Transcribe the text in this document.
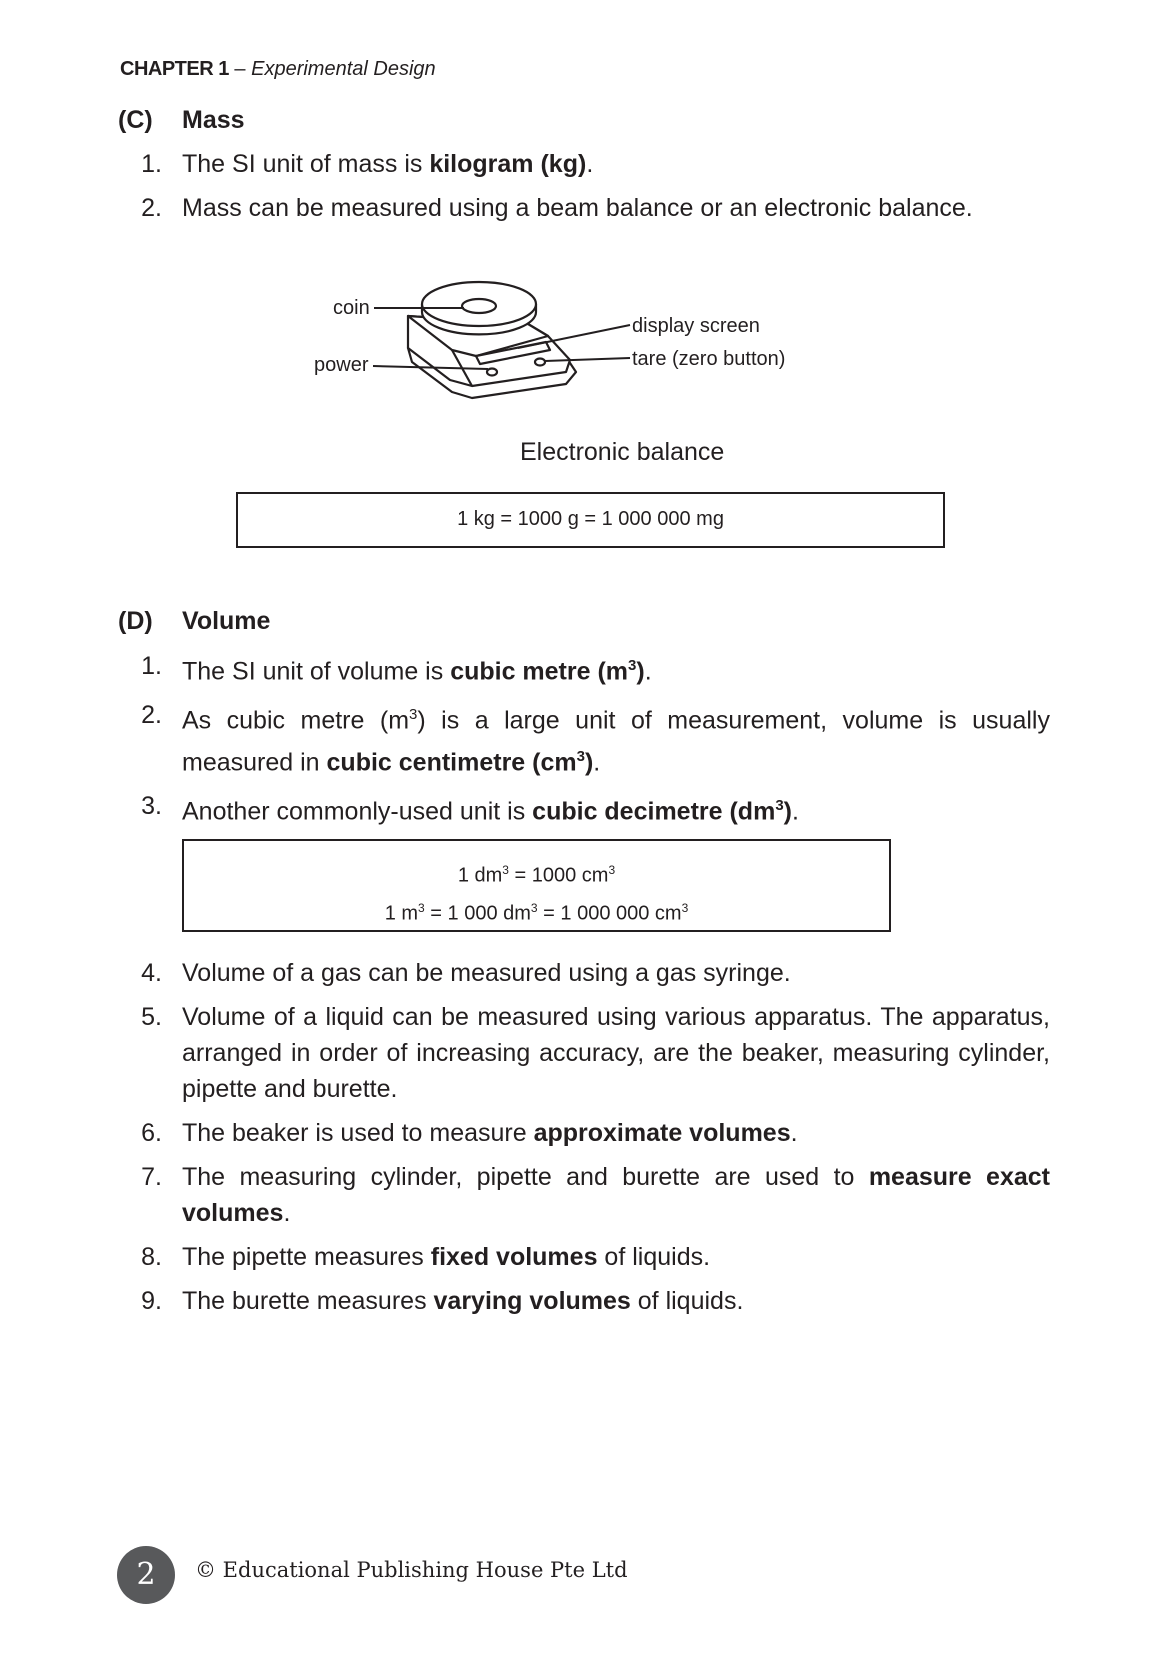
CHAPTER 1 – Experimental Design
(C) Mass
1. The SI unit of mass is kilogram (kg).
2. Mass can be measured using a beam balance or an electronic balance.
coin
power
display screen
tare (zero button)
Electronic balance
1 kg = 1000 g = 1 000 000 mg
(D) Volume
1. The SI unit of volume is cubic metre $(m^3)$.
2. As cubic metre $(m^3)$ is a large unit of measurement, volume is usually measured in cubic centimetre $(cm^3)$.
3. Another commonly-used unit is cubic decimetre $(dm^3)$.
1 $dm^3 = 1000$ $cm^3$
1 $m^3 = 1$ 000 $dm^3 = 1$ 000 000 $cm^3$
4. Volume of a gas can be measured using a gas syringe.
5. Volume of a liquid can be measured using various apparatus. The apparatus, arranged in order of increasing accuracy, are the beaker, measuring cylinder, pipette and burette.
6. The beaker is used to measure approximate volumes.
7. The measuring cylinder, pipette and burette are used to measure exact volumes.
8. The pipette measures fixed volumes of liquids.
9. The burette measures varying volumes of liquids.
2	© Educational Publishing House Pte Ltd
